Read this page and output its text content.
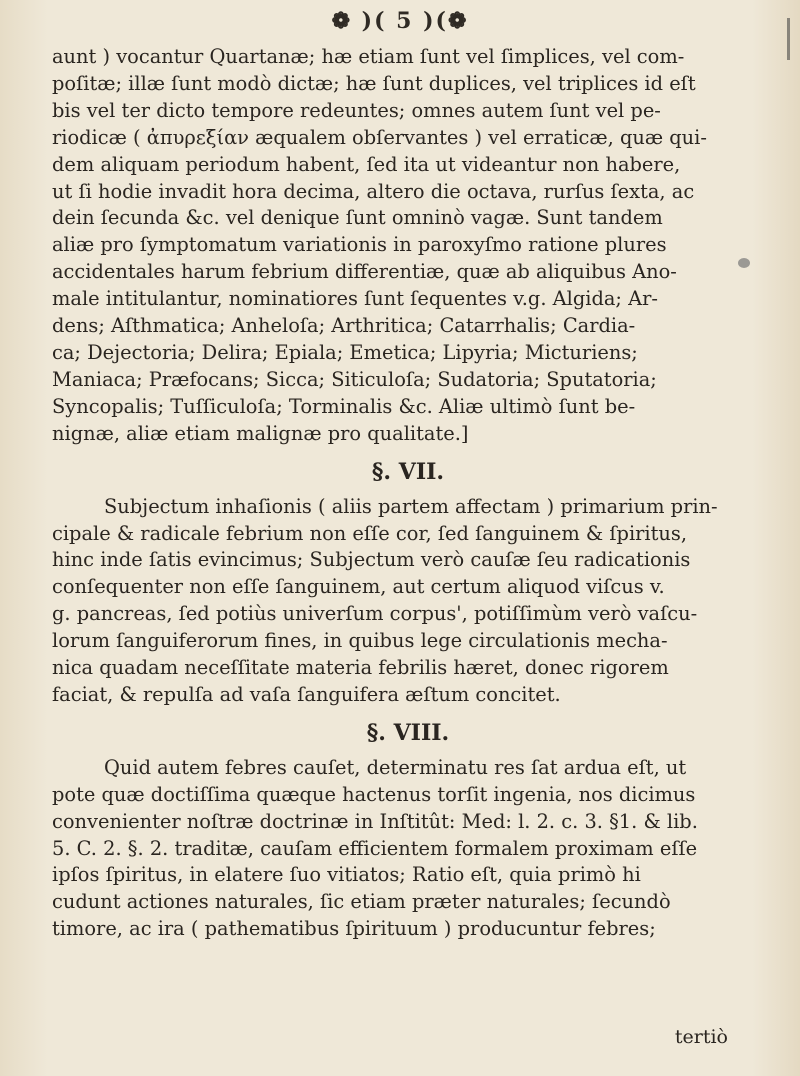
❁ )( 5 )(❁
aunt ) vocantur Quartanæ; hæ etiam ſunt vel ſimplices, vel com-
poſitæ; illæ ſunt modò dictæ; hæ ſunt duplices, vel triplices id eſt
bis vel ter dicto tempore redeuntes; omnes autem ſunt vel pe-
riodicæ ( ἀπυρεξίαν æqualem obſervantes ) vel erraticæ, quæ qui-
dem aliquam periodum habent, ſed ita ut videantur non habere,
ut ſi hodie invadit hora decima, altero die octava, rurſus ſexta, ac
dein ſecunda &c. vel denique ſunt omninò vagæ. Sunt tandem
aliæ pro ſymptomatum variationis in paroxyſmo ratione plures
accidentales harum febrium differentiæ, quæ ab aliquibus Ano-
male intitulantur, nominatiores ſunt ſequentes v.g. Algida; Ar-
dens; Aſthmatica; Anheloſa; Arthritica; Catarrhalis; Cardia-
ca; Dejectoria; Delira; Epiala; Emetica; Lipyria; Micturiens;
Maniaca; Præfocans; Sicca; Siticuloſa; Sudatoria; Sputatoria;
Syncopalis; Tuſſiculoſa; Torminalis &c. Aliæ ultimò ſunt be-
nignæ, aliæ etiam malignæ pro qualitate.]
§. VII.
Subjectum inhaſionis ( aliis partem affectam ) primarium prin-
cipale & radicale febrium non eſſe cor, ſed ſanguinem & ſpiritus,
hinc inde ſatis evincimus; Subjectum verò cauſæ ſeu radicationis
conſequenter non eſſe ſanguinem, aut certum aliquod viſcus v.
g. pancreas, ſed potiùs univerſum corpus', potiſſimùm verò vaſcu-
lorum ſanguiferorum fines, in quibus lege circulationis mecha-
nica quadam neceſſitate materia febrilis hæret, donec rigorem
faciat, & repulſa ad vaſa ſanguifera æſtum concitet.
§. VIII.
Quid autem febres cauſet, determinatu res ſat ardua eſt, ut
pote quæ doctiſſima quæque hactenus torſit ingenia, nos dicimus
convenienter noſtræ doctrinæ in Inſtitût: Med: l. 2. c. 3. §1. & lib.
5. C. 2. §. 2. traditæ, cauſam efficientem formalem proximam eſſe
ipſos ſpiritus, in elatere ſuo vitiatos; Ratio eſt, quia primò hi
cudunt actiones naturales, ſic etiam præter naturales; ſecundò
timore, ac ira ( pathematibus ſpirituum ) producuntur febres;
tertiò
